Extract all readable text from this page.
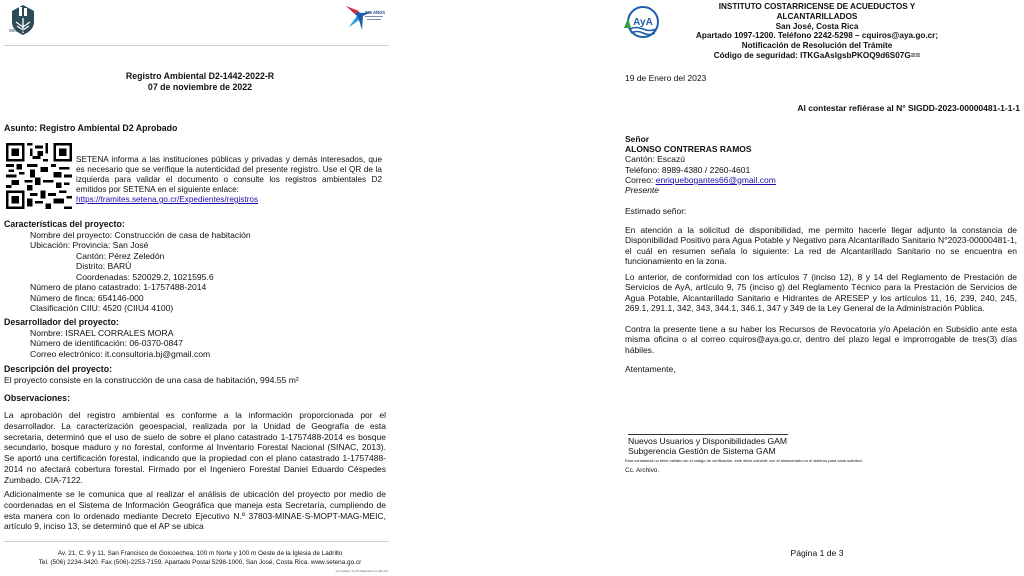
setena
200 AÑOS
Registro Ambiental D2-1442-2022-R
07 de noviembre de 2022
Asunto: Registro Ambiental D2 Aprobado
SETENA informa a las instituciones públicas y privadas y demás interesados, que es necesario que se verifique la autenticidad del presente registro. Use el QR de la izquierda para validar el documento o consulte los registros ambientales D2 emitidos por SETENA en el siguiente enlace:
https://tramites.setena.go.cr/Expedientes/registros
Características del proyecto:
Nombre del proyecto: Construcción de casa de habitación
Ubicación: Provincia: San José
Cantón: Pérez Zeledón
Distrito: BARÚ
Coordenadas: 520029.2, 1021595.6
Número de plano catastrado: 1-1757488-2014
Número de finca: 654146-000
Clasificación CIIU: 4520 (CIIU4 4100)
Desarrollador del proyecto:
Nombre: ISRAEL CORRALES MORA
Número de identificación: 06-0370-0847
Correo electrónico: it.consultoria.bj@gmail.com
Descripción del proyecto:
El proyecto consiste en la construcción de una casa de habitación, 994.55 m²
Observaciones:
La aprobación del registro ambiental es conforme a la información proporcionada por el desarrollador. La caracterización geoespacial, realizada por la Unidad de Geografía de esta secretaria, determinó que el uso de suelo de sobre el plano catastrado 1-1757488-2014 es bosque secundario, bosque maduro y no forestal, conforme al Inventario Forestal Nacional (SINAC, 2013). Se aportó una certificación forestal, indicando que la propiedad con el plano catastrado 1-1757488-2014 no afectará cobertura forestal. Firmado por el Ingeniero Forestal Daniel Eduardo Céspedes Zumbado. CIA-7122.
Adicionalmente se le comunica que al realizar el análisis de ubicación del proyecto por medio de coordenadas en el Sistema de Información Geográfica que maneja esta Secretaría, cumpliendo de esta manera con lo ordenado mediante Decreto Ejecutivo N.º 37803-MINAE-S-MOPT-MAG-MEIC, artículo 9, inciso 13, se determinó que el AP se ubica
Av. 21, C. 9 y 11, San Francisco de Goicoechea, 100 m Norte y 100 m Oeste de la Iglesia de Ladrillo
Tel. (506) 2234-3420. Fax (506)-2253-7159. Apartado Postal 5298-1000, San José, Costa Rica. www.setena.go.cr
Formulario: 01-07-DEA-EIA-For-06-v01
AyA
INSTITUTO COSTARRICENSE DE ACUEDUCTOS Y ALCANTARILLADOS
San José, Costa Rica
Apartado 1097-1200. Teléfono 2242-5298 – cquiros@aya.go.cr;
Notificación de Resolución del Trámite
Código de seguridad: ITKGaAslgsbPKOQ9d6S07G==
19 de Enero del 2023
Al contestar refiérase al N° SIGDD-2023-00000481-1-1-1
Señor
ALONSO CONTRERAS RAMOS
Cantón: Escazú
Teléfono: 8989-4380 / 2260-4601
Correo: enriquebogantes66@gmail.com
Presente
Estimado señor:
En atención a la solicitud de disponibilidad, me permito hacerle llegar adjunto la constancia de Disponibilidad Positivo para Agua Potable y Negativo para Alcantarillado Sanitario N°2023-00000481-1, el cuál en resumen señala lo siguiente: La red de Alcantarillado Sanitario no se encuentra en funcionamiento en la zona.
Lo anterior, de conformidad con los artículos 7 (inciso 12), 8 y 14 del Reglamento de Prestación de Servicios de AyA, artículo 9, 75 (inciso g) del Reglamento Técnico para la Prestación de Servicios de Agua Potable, Alcantarillado Sanitario e Hidrantes de ARESEP y los artículos 11, 16, 239, 240, 245, 269.1, 291.1, 342, 343, 344.1, 346.1, 347 y 349 de la Ley General de la Administración Pública.
Contra la presente tiene a su haber los Recursos de Revocatoria y/o Apelación en Subsidio ante esta misma oficina o al correo cquiros@aya.go.cr, dentro del plazo legal e improrrogable de tres(3) días hábiles.
Atentamente,
Nuevos Usuarios y Disponibilidades GAM
Subgerencia Gestión de Sistema GAM
Esta constancia no tiene validez sin el código de verificación, éste debe coincidir con el almacenado en el sistema para cada solicitud.
Cc. Archivo.
Página 1 de 3
